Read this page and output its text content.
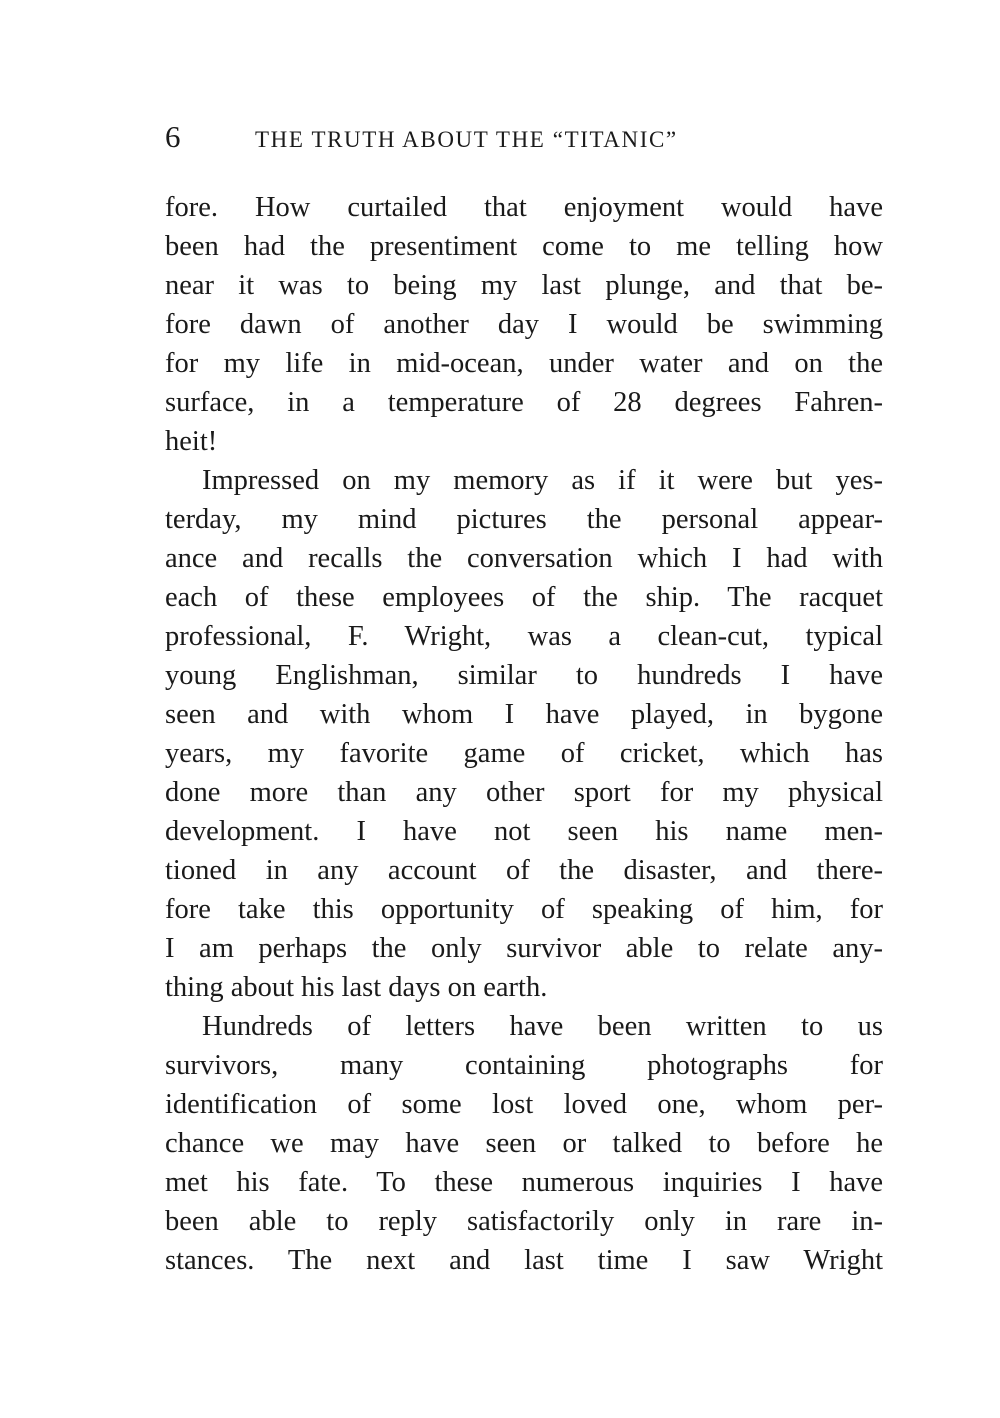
6	THE TRUTH ABOUT THE “TITANIC”
fore. How curtailed that enjoyment would have
been had the presentiment come to me telling how
near it was to being my last plunge, and that be-
fore dawn of another day I would be swimming
for my life in mid-ocean, under water and on the
surface, in a temperature of 28 degrees Fahren-
heit!
Impressed on my memory as if it were but yes-
terday, my mind pictures the personal appear-
ance and recalls the conversation which I had with
each of these employees of the ship. The racquet
professional, F. Wright, was a clean-cut, typical
young Englishman, similar to hundreds I have
seen and with whom I have played, in bygone
years, my favorite game of cricket, which has
done more than any other sport for my physical
development. I have not seen his name men-
tioned in any account of the disaster, and there-
fore take this opportunity of speaking of him, for
I am perhaps the only survivor able to relate any-
thing about his last days on earth.
Hundreds of letters have been written to us
survivors, many containing photographs for
identification of some lost loved one, whom per-
chance we may have seen or talked to before he
met his fate. To these numerous inquiries I have
been able to reply satisfactorily only in rare in-
stances. The next and last time I saw Wright
